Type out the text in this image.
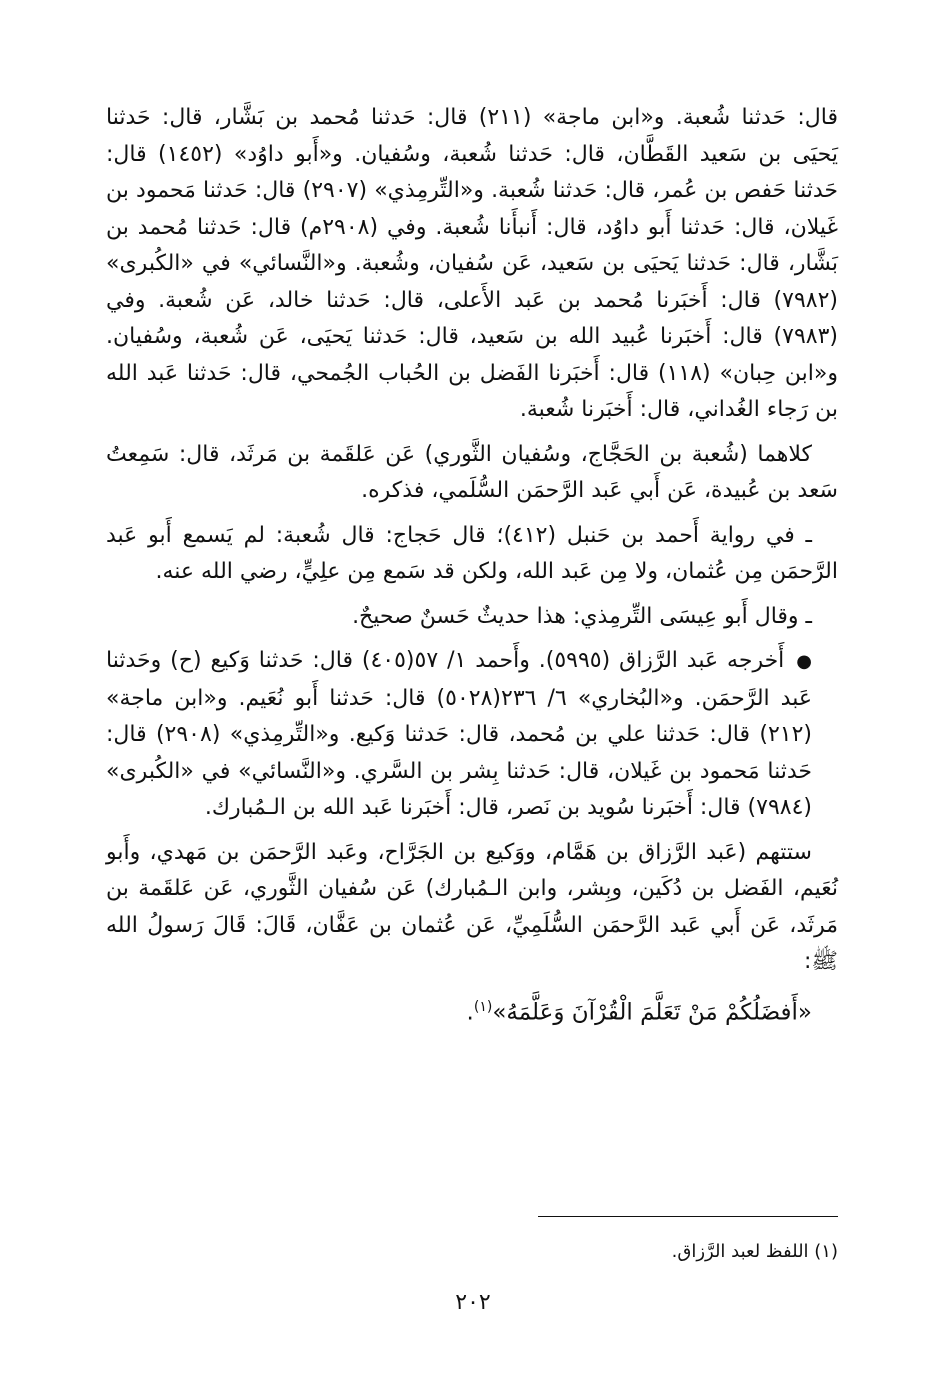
قال: حَدثنا شُعبة. و«ابن ماجة» (٢١١) قال: حَدثنا مُحمد بن بَشَّار، قال: حَدثنا يَحيَى بن سَعيد القَطَّان، قال: حَدثنا شُعبة، وسُفيان. و«أَبو داوُد» (١٤٥٢) قال: حَدثنا حَفص بن عُمر، قال: حَدثنا شُعبة. و«التِّرمِذي» (٢٩٠٧) قال: حَدثنا مَحمود بن غَيلان، قال: حَدثنا أَبو داوُد، قال: أَنبأَنا شُعبة. وفي (٢٩٠٨م) قال: حَدثنا مُحمد بن بَشَّار، قال: حَدثنا يَحيَى بن سَعيد، عَن سُفيان، وشُعبة. و«النَّسائي» في «الكُبرى» (٧٩٨٢) قال: أَخبَرنا مُحمد بن عَبد الأَعلى، قال: حَدثنا خالد، عَن شُعبة. وفي (٧٩٨٣) قال: أَخبَرنا عُبيد الله بن سَعيد، قال: حَدثنا يَحيَى، عَن شُعبة، وسُفيان. و«ابن حِبان» (١١٨) قال: أَخبَرنا الفَضل بن الحُباب الجُمحي، قال: حَدثنا عَبد الله بن رَجاء الغُداني، قال: أَخبَرنا شُعبة.

كلاهما (شُعبة بن الحَجَّاج، وسُفيان الثَّوري) عَن عَلقَمة بن مَرثَد، قال: سَمِعتُ سَعد بن عُبيدة، عَن أَبي عَبد الرَّحمَن السُّلَمي، فذكره.

ـ في رواية أَحمد بن حَنبل (٤١٢)؛ قال حَجاج: قال شُعبة: لم يَسمع أَبو عَبد الرَّحمَن مِن عُثمان، ولا مِن عَبد الله، ولكن قد سَمع مِن علِيٍّ، رضي الله عنه.

ـ وقال أَبو عِيسَى التِّرمِذي: هذا حديثٌ حَسنٌ صحيحٌ.

●أَخرجه عَبد الرَّزاق (٥٩٩٥). وأَحمد ١/ ٥٧(٤٠٥) قال: حَدثنا وَكيع (ح) وحَدثنا عَبد الرَّحمَن. و«البُخاري» ٦/ ٢٣٦(٥٠٢٨) قال: حَدثنا أَبو نُعَيم. و«ابن ماجة» (٢١٢) قال: حَدثنا علي بن مُحمد، قال: حَدثنا وَكيع. و«التِّرمِذي» (٢٩٠٨) قال: حَدثنا مَحمود بن غَيلان، قال: حَدثنا بِشر بن السَّري. و«النَّسائي» في «الكُبرى» (٧٩٨٤) قال: أَخبَرنا سُويد بن نَصر، قال: أَخبَرنا عَبد الله بن الـمُبارك.

ستتهم (عَبد الرَّزاق بن هَمَّام، ووَكيع بن الجَرَّاح، وعَبد الرَّحمَن بن مَهدي، وأَبو نُعَيم، الفَضل بن دُكَين، وبِشر، وابن الـمُبارك) عَن سُفيان الثَّوري، عَن عَلقَمة بن مَرثَد، عَن أَبي عَبد الرَّحمَن السُّلَمِيِّ، عَن عُثمان بن عَفَّان، قَالَ: قَالَ رَسولُ الله ﷺ:

«أَفضَلُكُمْ مَنْ تَعَلَّمَ الْقُرْآنَ وَعَلَّمَهُ»$^{(١)}$.

(١) اللفظ لعبد الرَّزاق.
٢٠٢
